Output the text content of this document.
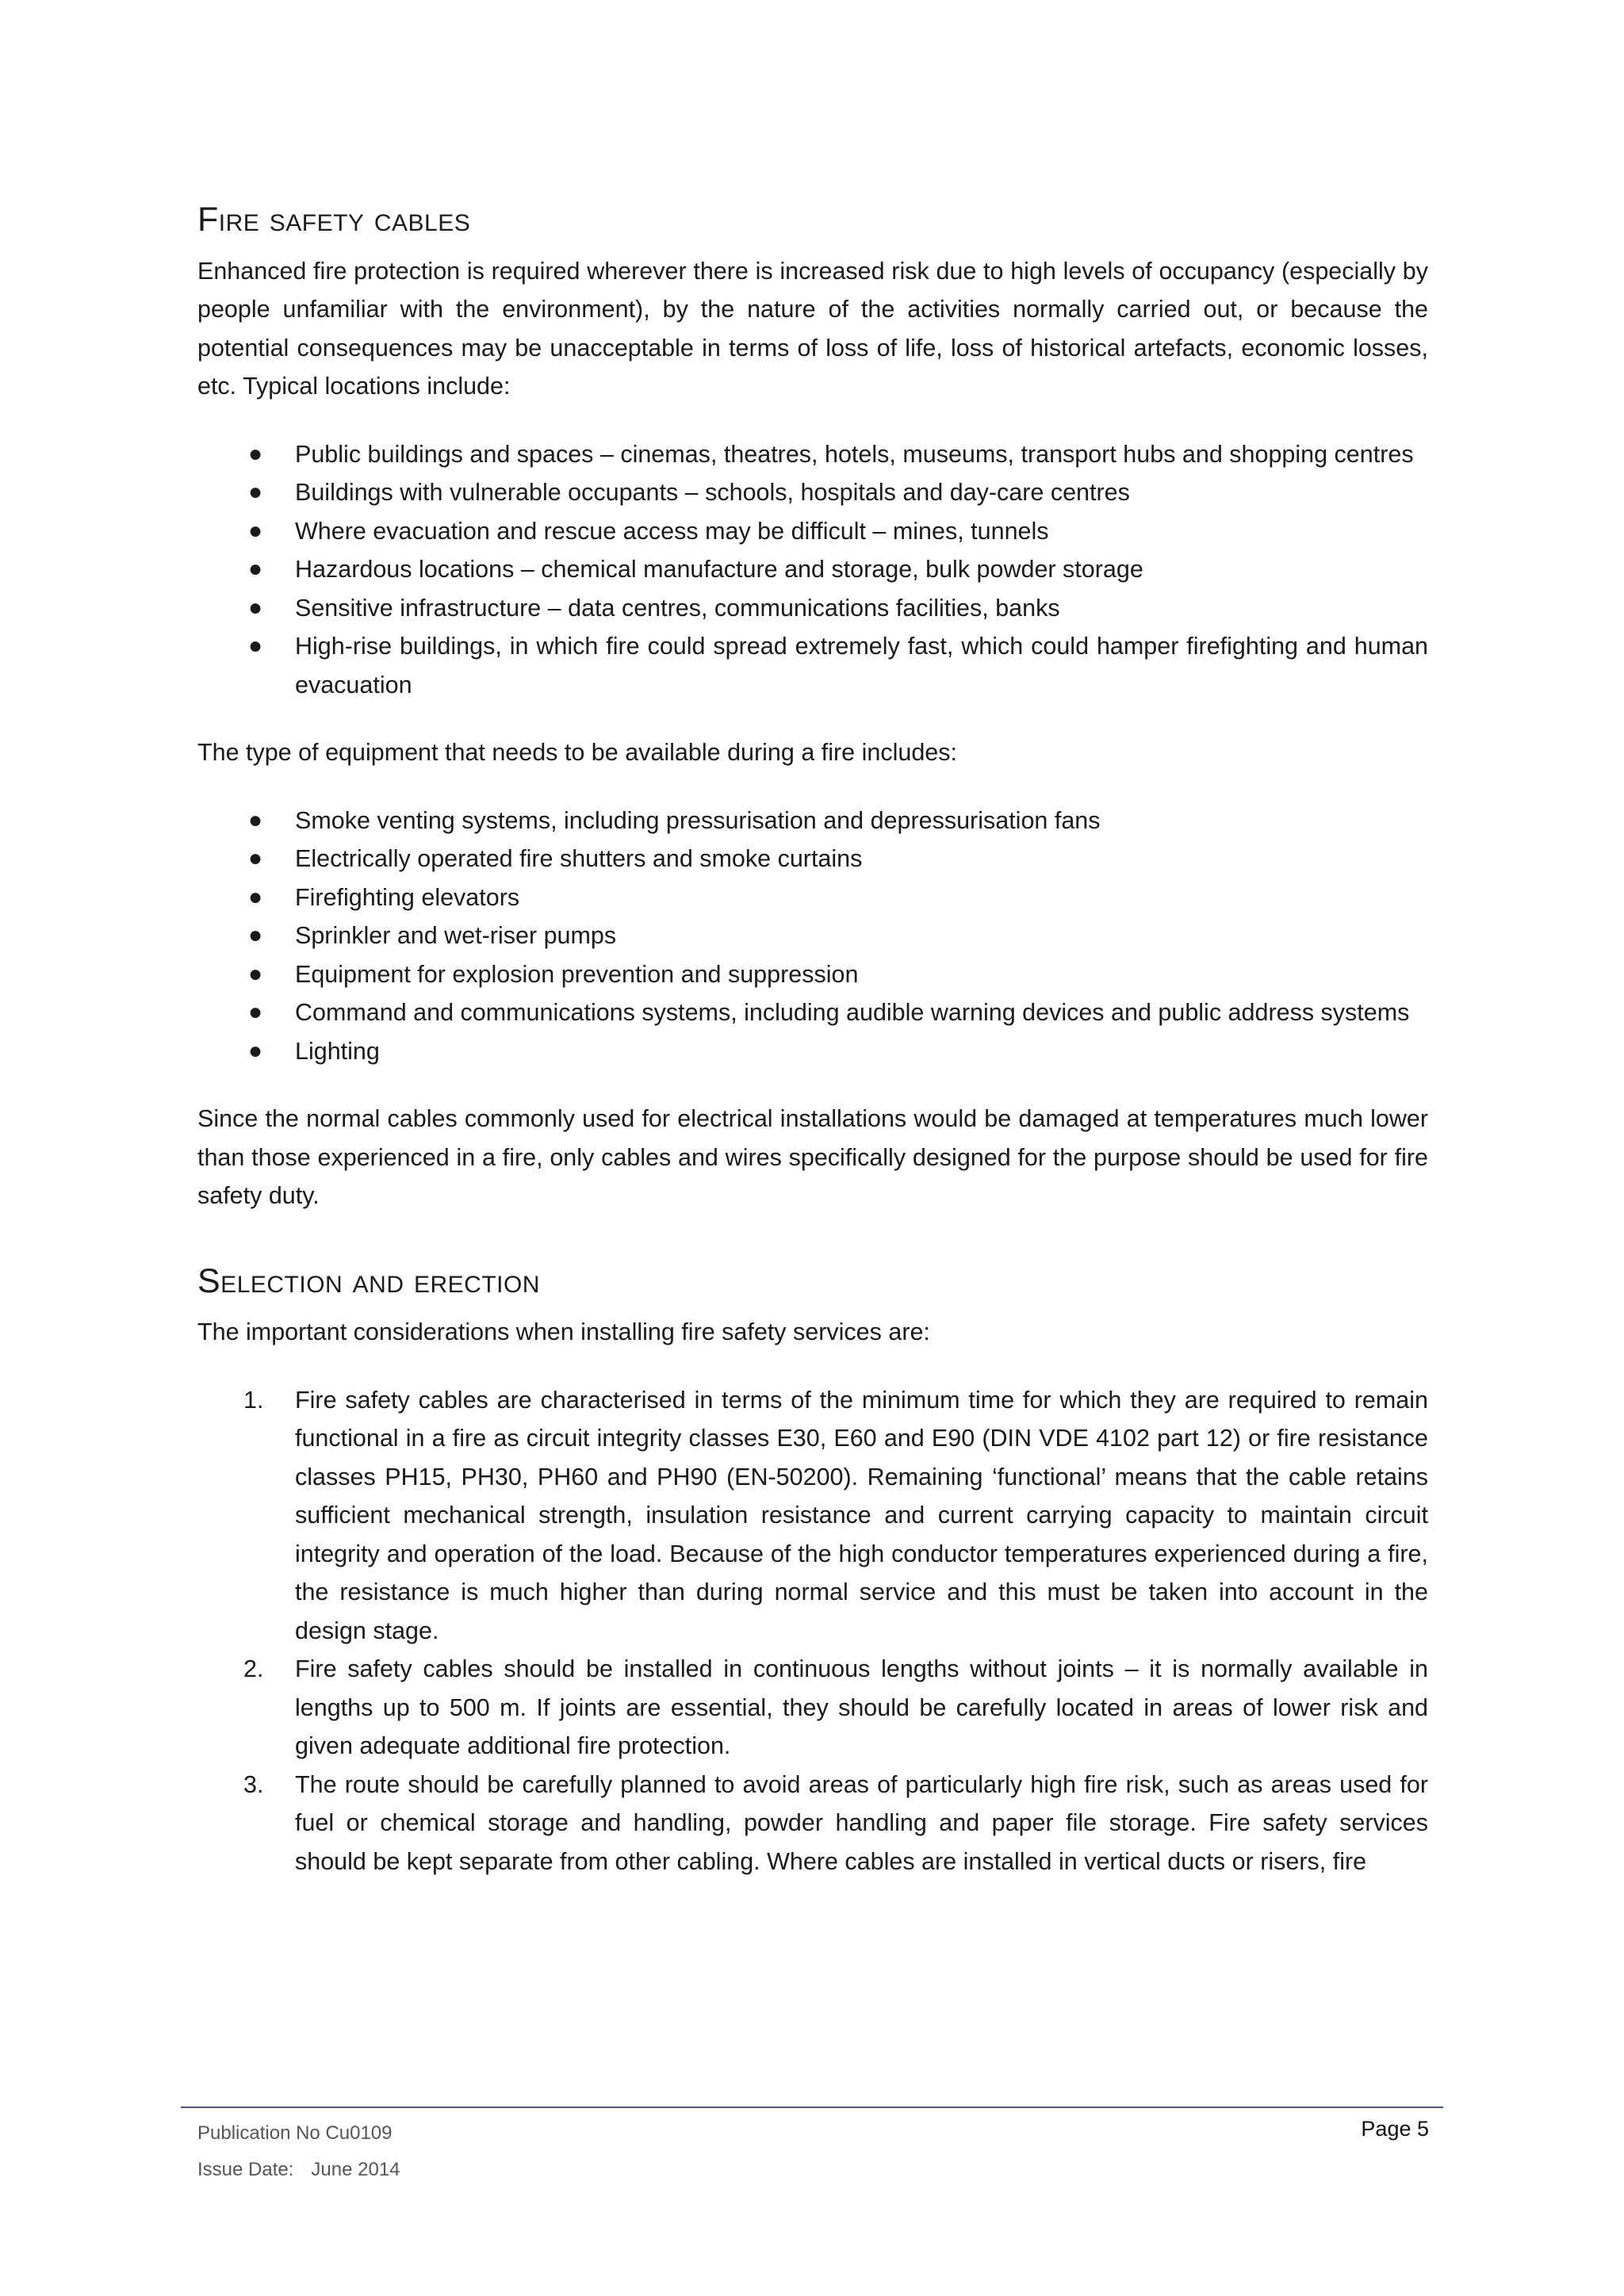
Fire safety cables

Enhanced fire protection is required wherever there is increased risk due to high levels of occupancy (especially by people unfamiliar with the environment), by the nature of the activities normally carried out, or because the potential consequences may be unacceptable in terms of loss of life, loss of historical artefacts, economic losses, etc. Typical locations include:

● Public buildings and spaces – cinemas, theatres, hotels, museums, transport hubs and shopping centres
● Buildings with vulnerable occupants – schools, hospitals and day-care centres
● Where evacuation and rescue access may be difficult – mines, tunnels
● Hazardous locations – chemical manufacture and storage, bulk powder storage
● Sensitive infrastructure – data centres, communications facilities, banks
● High-rise buildings, in which fire could spread extremely fast, which could hamper firefighting and human evacuation

The type of equipment that needs to be available during a fire includes:

● Smoke venting systems, including pressurisation and depressurisation fans
● Electrically operated fire shutters and smoke curtains
● Firefighting elevators
● Sprinkler and wet-riser pumps
● Equipment for explosion prevention and suppression
● Command and communications systems, including audible warning devices and public address systems
● Lighting

Since the normal cables commonly used for electrical installations would be damaged at temperatures much lower than those experienced in a fire, only cables and wires specifically designed for the purpose should be used for fire safety duty.

Selection and erection

The important considerations when installing fire safety services are:

1. Fire safety cables are characterised in terms of the minimum time for which they are required to remain functional in a fire as circuit integrity classes E30, E60 and E90 (DIN VDE 4102 part 12) or fire resistance classes PH15, PH30, PH60 and PH90 (EN-50200). Remaining ‘functional’ means that the cable retains sufficient mechanical strength, insulation resistance and current carrying capacity to maintain circuit integrity and operation of the load. Because of the high conductor temperatures experienced during a fire, the resistance is much higher than during normal service and this must be taken into account in the design stage.
2. Fire safety cables should be installed in continuous lengths without joints – it is normally available in lengths up to 500 m. If joints are essential, they should be carefully located in areas of lower risk and given adequate additional fire protection.
3. The route should be carefully planned to avoid areas of particularly high fire risk, such as areas used for fuel or chemical storage and handling, powder handling and paper file storage. Fire safety services should be kept separate from other cabling. Where cables are installed in vertical ducts or risers, fire
Publication No Cu0109
Issue Date: June 2014
Page 5
